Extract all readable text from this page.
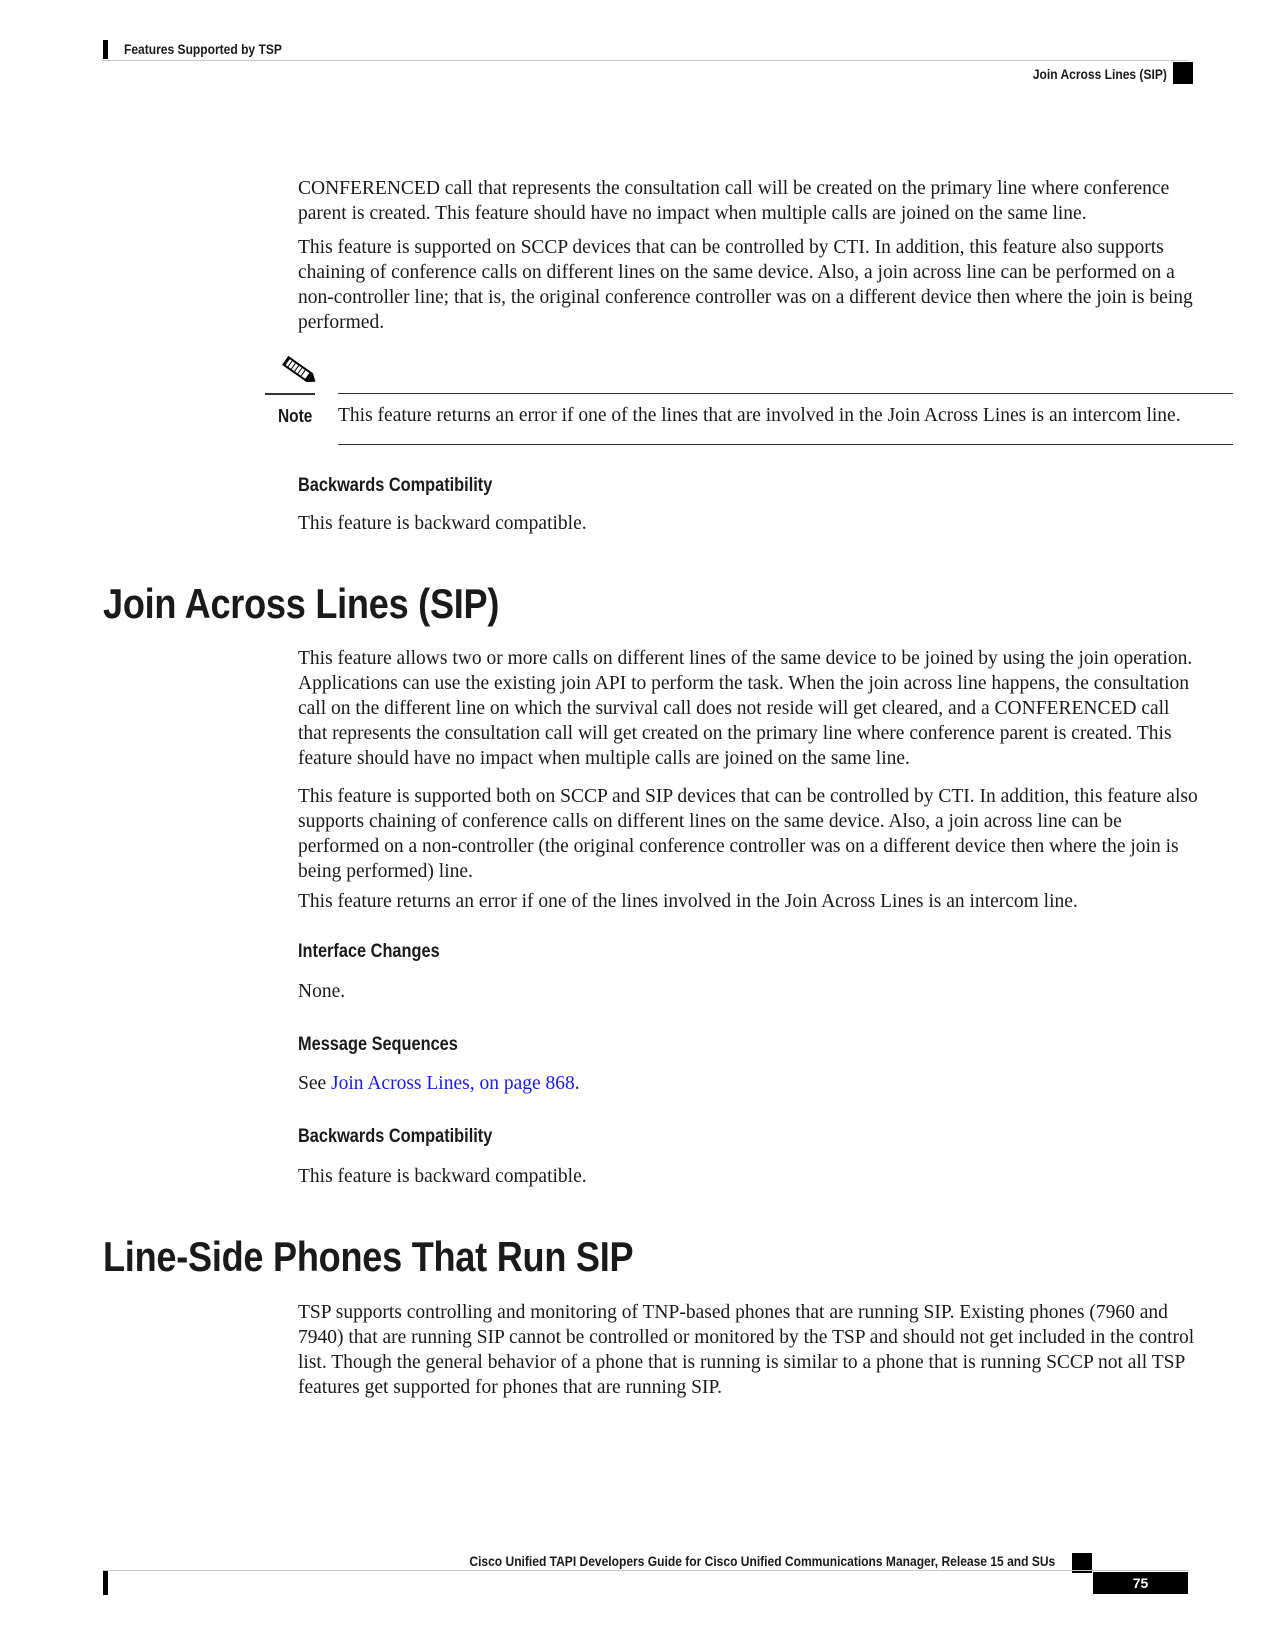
Features Supported by TSP
Join Across Lines (SIP)

CONFERENCED call that represents the consultation call will be created on the primary line where conference parent is created. This feature should have no impact when multiple calls are joined on the same line.

This feature is supported on SCCP devices that can be controlled by CTI. In addition, this feature also supports chaining of conference calls on different lines on the same device. Also, a join across line can be performed on a non-controller line; that is, the original conference controller was on a different device then where the join is being performed.

Note This feature returns an error if one of the lines that are involved in the Join Across Lines is an intercom line.
Backwards Compatibility

This feature is backward compatible.

Join Across Lines (SIP)

This feature allows two or more calls on different lines of the same device to be joined by using the join operation. Applications can use the existing join API to perform the task. When the join across line happens, the consultation call on the different line on which the survival call does not reside will get cleared, and a CONFERENCED call that represents the consultation call will get created on the primary line where conference parent is created. This feature should have no impact when multiple calls are joined on the same line.

This feature is supported both on SCCP and SIP devices that can be controlled by CTI. In addition, this feature also supports chaining of conference calls on different lines on the same device. Also, a join across line can be performed on a non-controller (the original conference controller was on a different device then where the join is being performed) line.

This feature returns an error if one of the lines involved in the Join Across Lines is an intercom line.

Interface Changes

None.

Message Sequences

See Join Across Lines, on page 868.

Backwards Compatibility

This feature is backward compatible.

Line-Side Phones That Run SIP

TSP supports controlling and monitoring of TNP-based phones that are running SIP. Existing phones (7960 and 7940) that are running SIP cannot be controlled or monitored by the TSP and should not get included in the control list. Though the general behavior of a phone that is running is similar to a phone that is running SCCP not all TSP features get supported for phones that are running SIP.

Cisco Unified TAPI Developers Guide for Cisco Unified Communications Manager, Release 15 and SUs
75
